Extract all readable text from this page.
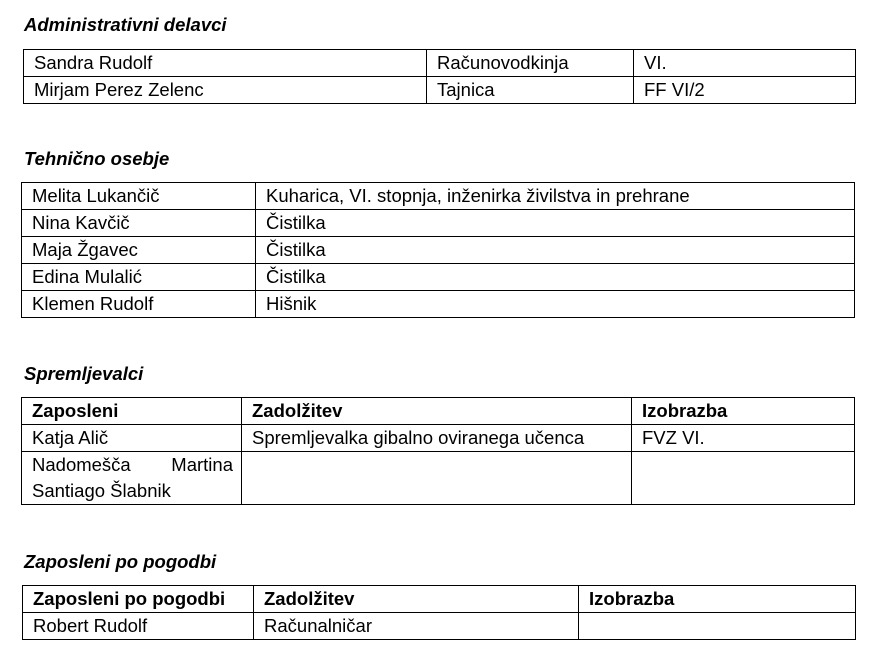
Administrativni delavci
Sandra Rudolf	Računovodkinja	VI.
Mirjam Perez Zelenc	Tajnica	FF VI/2
Tehnično osebje
Melita Lukančič	Kuharica, VI. stopnja, inženirka živilstva in prehrane
Nina Kavčič	Čistilka
Maja Žgavec	Čistilka
Edina Mulalić	Čistilka
Klemen Rudolf	Hišnik
Spremljevalci
Zaposleni	Zadolžitev	Izobrazba
Katja Alič	Spremljevalka gibalno oviranega učenca	FVZ VI.
Nadomešča Martina Santiago Šlabnik		
Zaposleni po pogodbi
Zaposleni po pogodbi	Zadolžitev	Izobrazba
Robert Rudolf	Računalničar	
